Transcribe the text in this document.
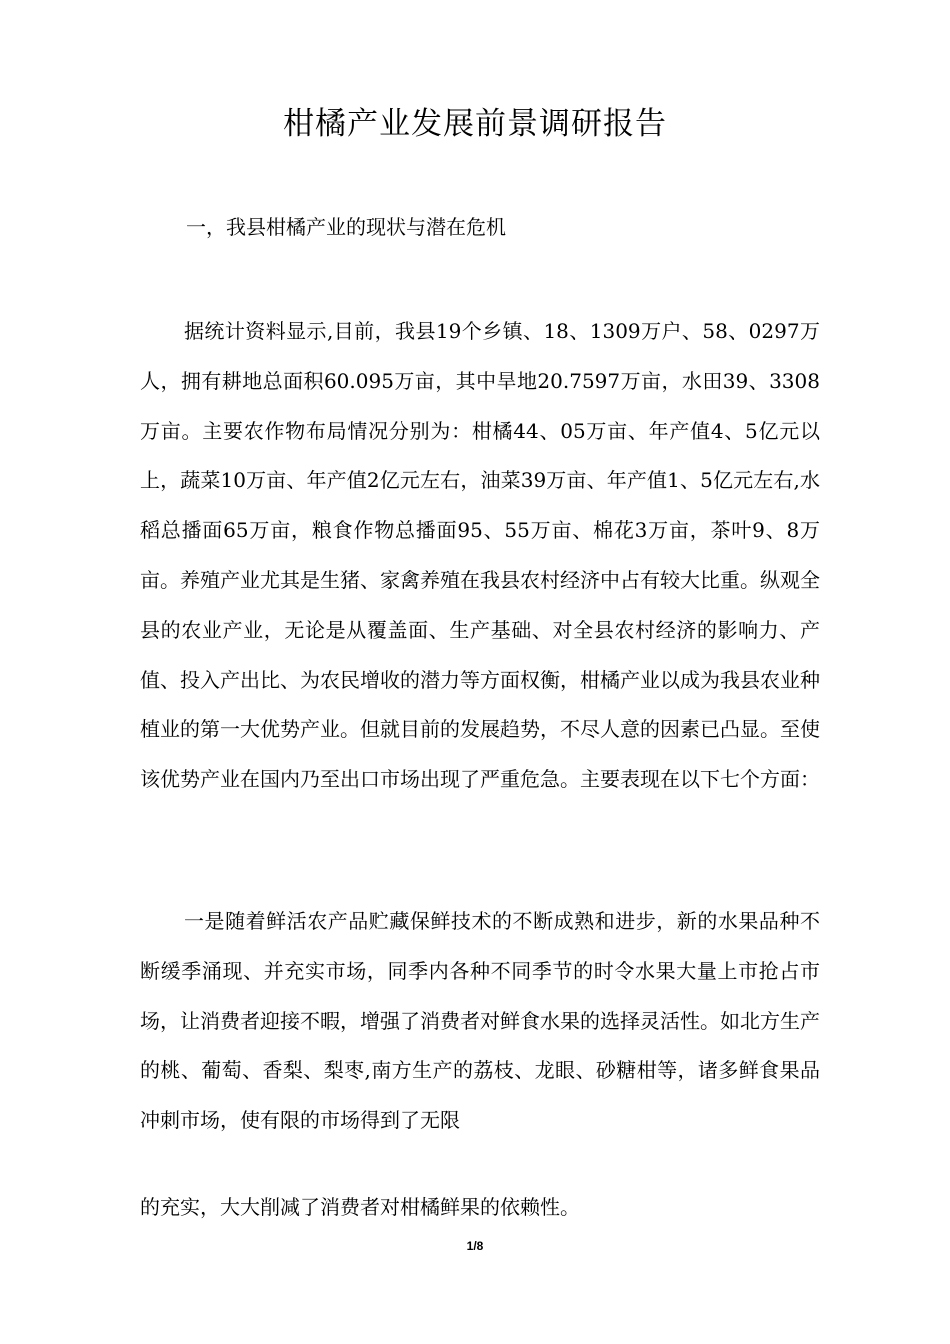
柑橘产业发展前景调研报告
一，我县柑橘产业的现状与潜在危机

据统计资料显示,目前，我县19个乡镇、18、1309万户、58、0297万人，拥有耕地总面积60.095万亩，其中旱地20.7597万亩，水田39、3308万亩。主要农作物布局情况分别为：柑橘44、05万亩、年产值4、5亿元以上，蔬菜10万亩、年产值2亿元左右，油菜39万亩、年产值1、5亿元左右,水稻总播面65万亩，粮食作物总播面95、55万亩、棉花3万亩，茶叶9、8万亩。养殖产业尤其是生猪、家禽养殖在我县农村经济中占有较大比重。纵观全县的农业产业，无论是从覆盖面、生产基础、对全县农村经济的影响力、产值、投入产出比、为农民增收的潜力等方面权衡，柑橘产业以成为我县农业种植业的第一大优势产业。但就目前的发展趋势，不尽人意的因素已凸显。至使该优势产业在国内乃至出口市场出现了严重危急。主要表现在以下七个方面：

一是随着鲜活农产品贮藏保鲜技术的不断成熟和进步，新的水果品种不断缓季涌现、并充实市场，同季内各种不同季节的时令水果大量上市抢占市场，让消费者迎接不暇，增强了消费者对鲜食水果的选择灵活性。如北方生产的桃、葡萄、香梨、梨枣,南方生产的荔枝、龙眼、砂糖柑等，诸多鲜食果品冲刺市场，使有限的市场得到了无限

的充实，大大削减了消费者对柑橘鲜果的依赖性。

1/8
